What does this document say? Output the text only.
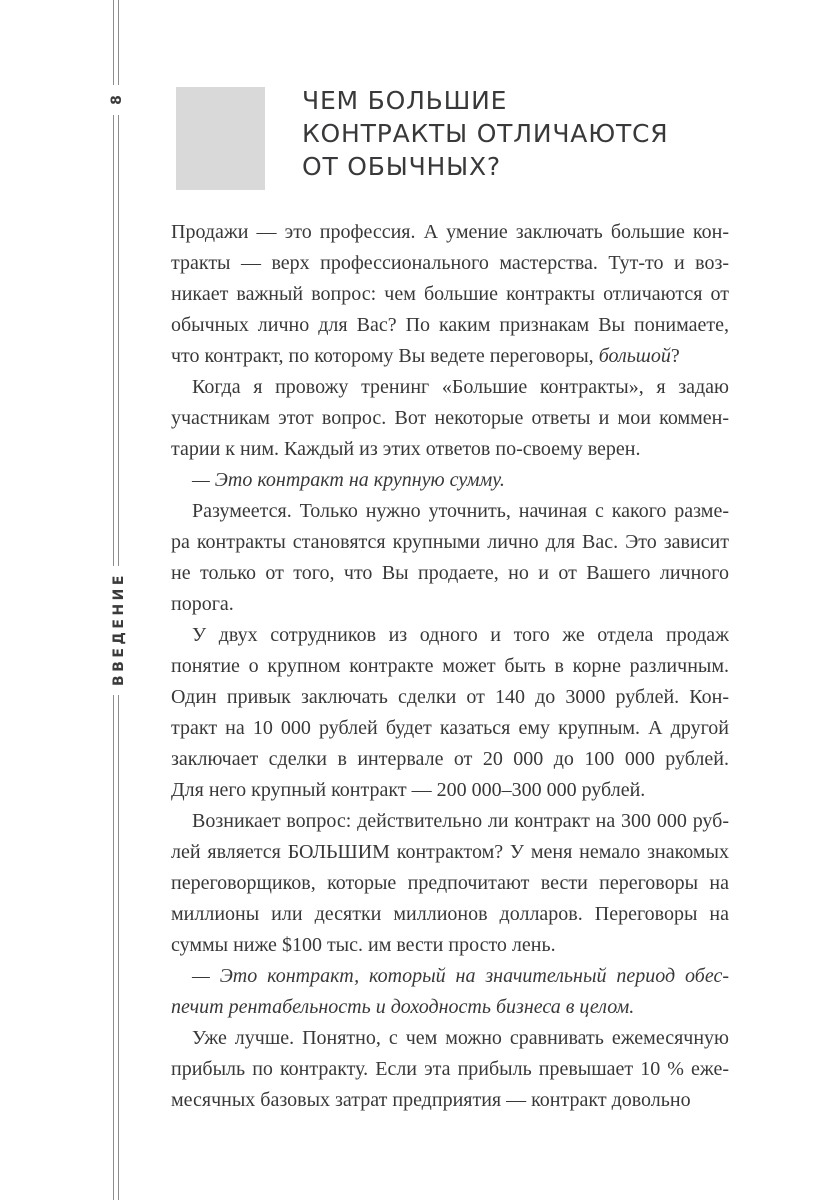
8
ВВЕДЕНИЕ
ЧЕМ БОЛЬШИЕ
КОНТРАКТЫ ОТЛИЧАЮТСЯ
ОТ ОБЫЧНЫХ?
Продажи — это профессия. А умение заключать большие кон-
тракты — верх профессионального мастерства. Тут-то и воз-
никает важный вопрос: чем большие контракты отличаются от
обычных лично для Вас? По каким признакам Вы понимаете,
что контракт, по которому Вы ведете переговоры, большой?
Когда я провожу тренинг «Большие контракты», я задаю
участникам этот вопрос. Вот некоторые ответы и мои коммен-
тарии к ним. Каждый из этих ответов по-своему верен.
— Это контракт на крупную сумму.
Разумеется. Только нужно уточнить, начиная с какого разме-
ра контракты становятся крупными лично для Вас. Это зависит
не только от того, что Вы продаете, но и от Вашего личного
порога.
У двух сотрудников из одного и того же отдела продаж
понятие о крупном контракте может быть в корне различным.
Один привык заключать сделки от 140 до 3000 рублей. Кон-
тракт на 10 000 рублей будет казаться ему крупным. А другой
заключает сделки в интервале от 20 000 до 100 000 рублей.
Для него крупный контракт — 200 000–300 000 рублей.
Возникает вопрос: действительно ли контракт на 300 000 руб-
лей является БОЛЬШИМ контрактом? У меня немало знакомых
переговорщиков, которые предпочитают вести переговоры на
миллионы или десятки миллионов долларов. Переговоры на
суммы ниже $100 тыс. им вести просто лень.
— Это контракт, который на значительный период обес-
печит рентабельность и доходность бизнеса в целом.
Уже лучше. Понятно, с чем можно сравнивать ежемесячную
прибыль по контракту. Если эта прибыль превышает 10 % еже-
месячных базовых затрат предприятия — контракт довольно
